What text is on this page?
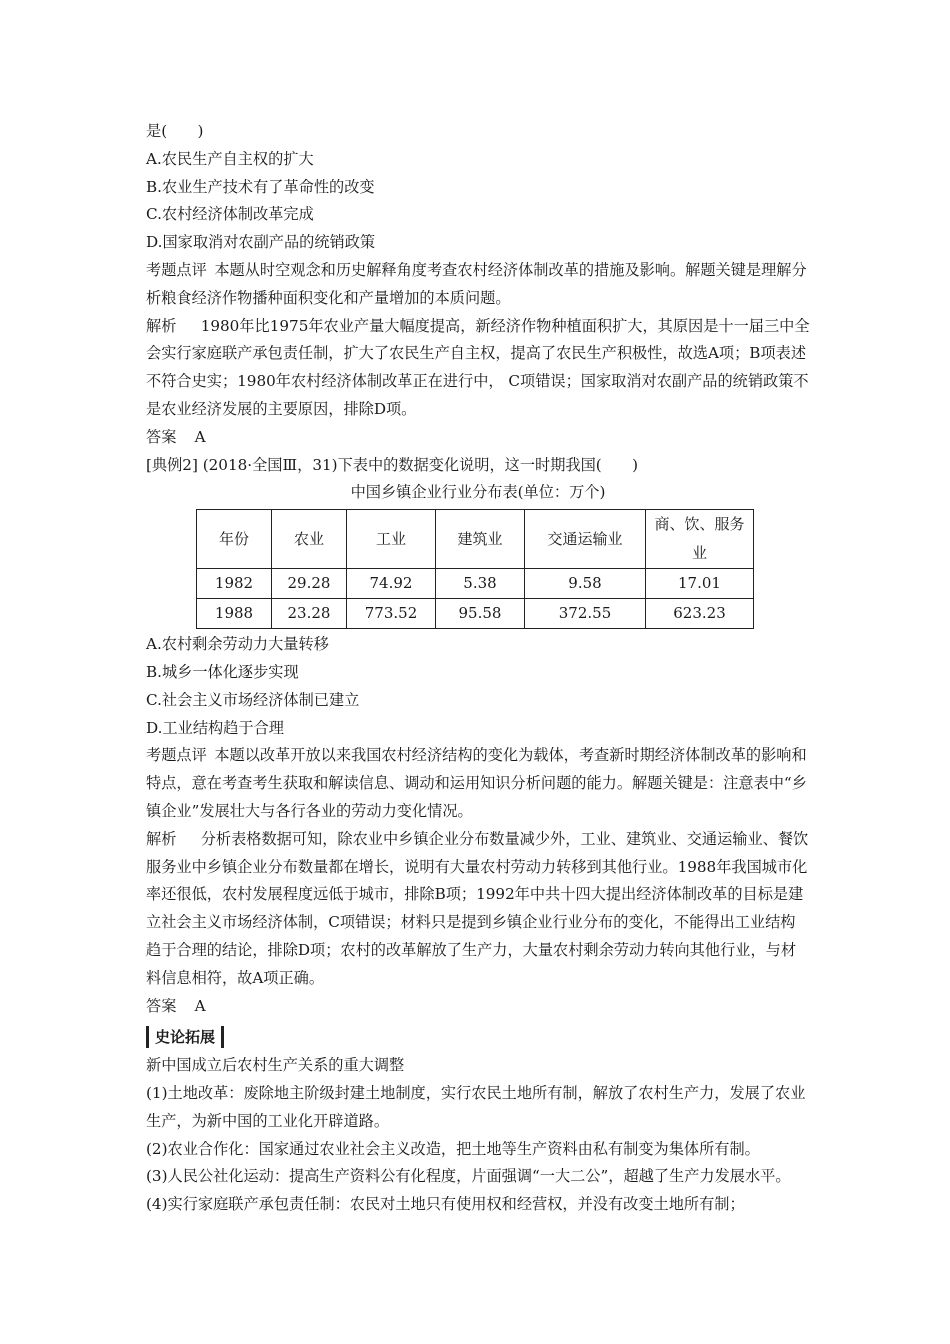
是(　　)

A.农民生产自主权的扩大

B.农业生产技术有了革命性的改变

C.农村经济体制改革完成

D.国家取消对农副产品的统销政策

考题点评 本题从时空观念和历史解释角度考查农村经济体制改革的措施及影响。解题关键是理解分析粮食经济作物播种面积变化和产量增加的本质问题。

解析 1980年比1975年农业产量大幅度提高，新经济作物种植面积扩大，其原因是十一届三中全会实行家庭联产承包责任制，扩大了农民生产自主权，提高了农民生产积极性，故选A项；B项表述不符合史实；1980年农村经济体制改革正在进行中， C项错误；国家取消对农副产品的统销政策不是农业经济发展的主要原因，排除D项。

答案 A

[典例2] (2018·全国Ⅲ，31)下表中的数据变化说明，这一时期我国(　　)

中国乡镇企业行业分布表(单位：万个)

年份	农业	工业	建筑业	交通运输业	商、饮、服务业
1982	29.28	74.92	5.38	9.58	17.01
1988	23.28	773.52	95.58	372.55	623.23

A.农村剩余劳动力大量转移

B.城乡一体化逐步实现

C.社会主义市场经济体制已建立

D.工业结构趋于合理

考题点评 本题以改革开放以来我国农村经济结构的变化为载体，考查新时期经济体制改革的影响和特点，意在考查考生获取和解读信息、调动和运用知识分析问题的能力。解题关键是：注意表中“乡镇企业”发展壮大与各行各业的劳动力变化情况。

解析 分析表格数据可知，除农业中乡镇企业分布数量减少外，工业、建筑业、交通运输业、餐饮服务业中乡镇企业分布数量都在增长，说明有大量农村劳动力转移到其他行业。1988年我国城市化率还很低，农村发展程度远低于城市，排除B项；1992年中共十四大提出经济体制改革的目标是建立社会主义市场经济体制，C项错误；材料只是提到乡镇企业行业分布的变化，不能得出工业结构趋于合理的结论，排除D项；农村的改革解放了生产力，大量农村剩余劳动力转向其他行业，与材料信息相符，故A项正确。

答案 A

史论拓展

新中国成立后农村生产关系的重大调整

(1)土地改革：废除地主阶级封建土地制度，实行农民土地所有制，解放了农村生产力，发展了农业生产，为新中国的工业化开辟道路。

(2)农业合作化：国家通过农业社会主义改造，把土地等生产资料由私有制变为集体所有制。

(3)人民公社化运动：提高生产资料公有化程度，片面强调“一大二公”，超越了生产力发展水平。

(4)实行家庭联产承包责任制：农民对土地只有使用权和经营权，并没有改变土地所有制；
